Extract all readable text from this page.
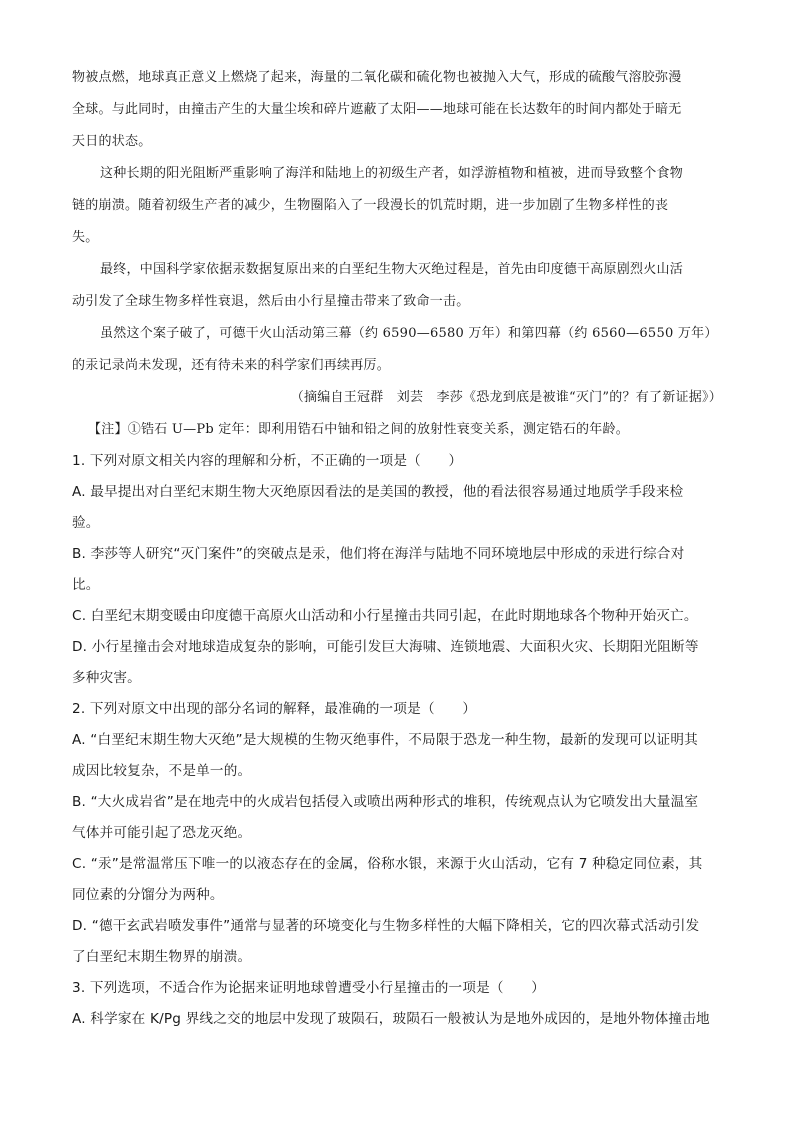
物被点燃，地球真正意义上燃烧了起来，海量的二氧化碳和硫化物也被抛入大气，形成的硫酸气溶胶弥漫
全球。与此同时，由撞击产生的大量尘埃和碎片遮蔽了太阳——地球可能在长达数年的时间内都处于暗无
天日的状态。
这种长期的阳光阻断严重影响了海洋和陆地上的初级生产者，如浮游植物和植被，进而导致整个食物
链的崩溃。随着初级生产者的减少，生物圈陷入了一段漫长的饥荒时期，进一步加剧了生物多样性的丧
失。
最终，中国科学家依据汞数据复原出来的白垩纪生物大灭绝过程是，首先由印度德干高原剧烈火山活
动引发了全球生物多样性衰退，然后由小行星撞击带来了致命一击。
虽然这个案子破了，可德干火山活动第三幕（约 6590—6580 万年）和第四幕（约 6560—6550 万年）
的汞记录尚未发现，还有待未来的科学家们再续再厉。
（摘编自王冠群　刘芸　李莎《恐龙到底是被谁“灭门”的？有了新证据》）
【注】①锆石 U—Pb 定年：即利用锆石中铀和铅之间的放射性衰变关系，测定锆石的年龄。
1. 下列对原文相关内容的理解和分析，不正确的一项是（　　）
A. 最早提出对白垩纪末期生物大灭绝原因看法的是美国的教授，他的看法很容易通过地质学手段来检
验。
B. 李莎等人研究“灭门案件”的突破点是汞，他们将在海洋与陆地不同环境地层中形成的汞进行综合对
比。
C. 白垩纪末期变暖由印度德干高原火山活动和小行星撞击共同引起，在此时期地球各个物种开始灭亡。
D. 小行星撞击会对地球造成复杂的影响，可能引发巨大海啸、连锁地震、大面积火灾、长期阳光阻断等
多种灾害。
2. 下列对原文中出现的部分名词的解释，最准确的一项是（　　）
A. “白垩纪末期生物大灭绝”是大规模的生物灭绝事件，不局限于恐龙一种生物，最新的发现可以证明其
成因比较复杂，不是单一的。
B. “大火成岩省”是在地壳中的火成岩包括侵入或喷出两种形式的堆积，传统观点认为它喷发出大量温室
气体并可能引起了恐龙灭绝。
C. “汞”是常温常压下唯一的以液态存在的金属，俗称水银，来源于火山活动，它有 7 种稳定同位素，其
同位素的分馏分为两种。
D. “德干玄武岩喷发事件”通常与显著的环境变化与生物多样性的大幅下降相关，它的四次幕式活动引发
了白垩纪末期生物界的崩溃。
3. 下列选项，不适合作为论据来证明地球曾遭受小行星撞击的一项是（　　）
A. 科学家在 K/Pg 界线之交的地层中发现了玻陨石，玻陨石一般被认为是地外成因的，是地外物体撞击地
